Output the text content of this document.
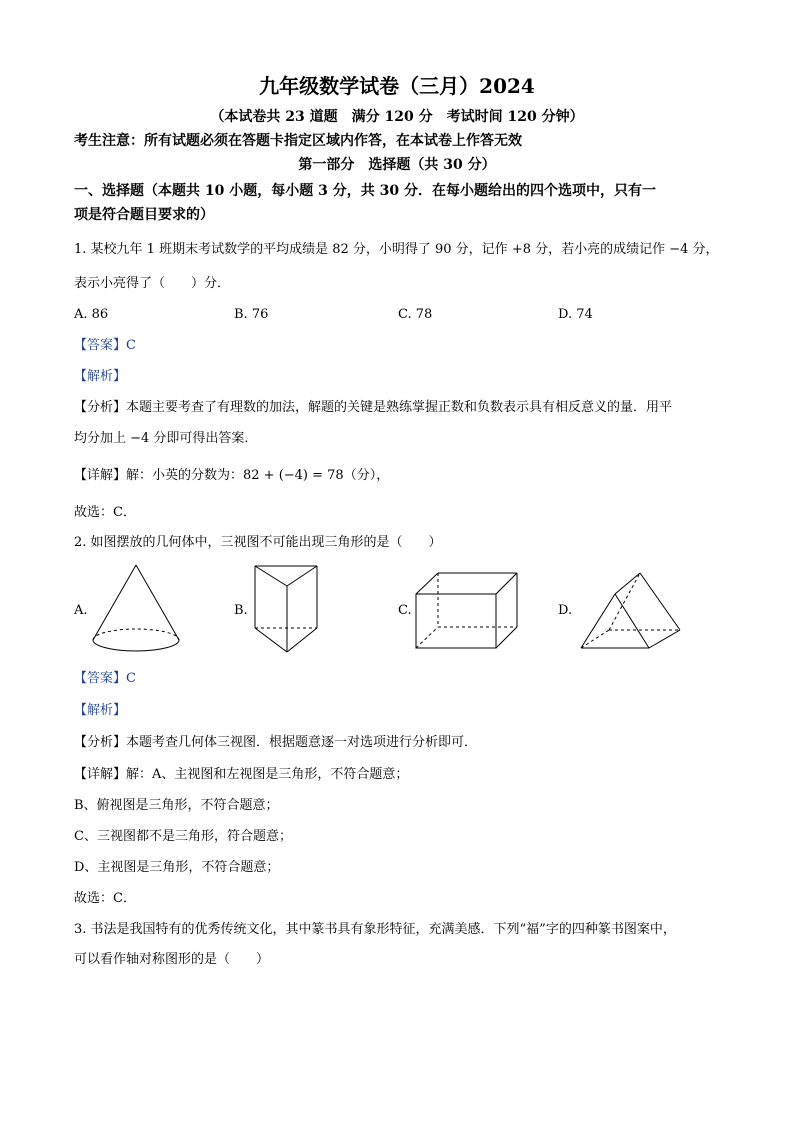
九年级数学试卷（三月）2024
（本试卷共 23 道题　满分 120 分　考试时间 120 分钟）
考生注意：所有试题必须在答题卡指定区域内作答，在本试卷上作答无效
第一部分　选择题（共 30 分）
一、选择题（本题共 10 小题，每小题 3 分，共 30 分．在每小题给出的四个选项中，只有一
项是符合题目要求的）
1. 某校九年 1 班期末考试数学的平均成绩是 82 分，小明得了 90 分，记作 +8 分，若小亮的成绩记作 −4 分，
表示小亮得了（　　）分．
A. 86	B. 76	C. 78	D. 74
【答案】C
【解析】
【分析】本题主要考查了有理数的加法，解题的关键是熟练掌握正数和负数表示具有相反意义的量．用平
均分加上 −4 分即可得出答案．
【详解】解：小英的分数为：82 + (−4) = 78（分），
故选：C．
2. 如图摆放的几何体中，三视图不可能出现三角形的是（　　）
A.	B.	C.	D.
【答案】C
【解析】
【分析】本题考查几何体三视图．根据题意逐一对选项进行分析即可．
【详解】解：A、主视图和左视图是三角形，不符合题意；
B、俯视图是三角形，不符合题意；
C、三视图都不是三角形，符合题意；
D、主视图是三角形，不符合题意；
故选：C．
3. 书法是我国特有的优秀传统文化，其中篆书具有象形特征，充满美感．下列“福”字的四种篆书图案中，
可以看作轴对称图形的是（　　）
